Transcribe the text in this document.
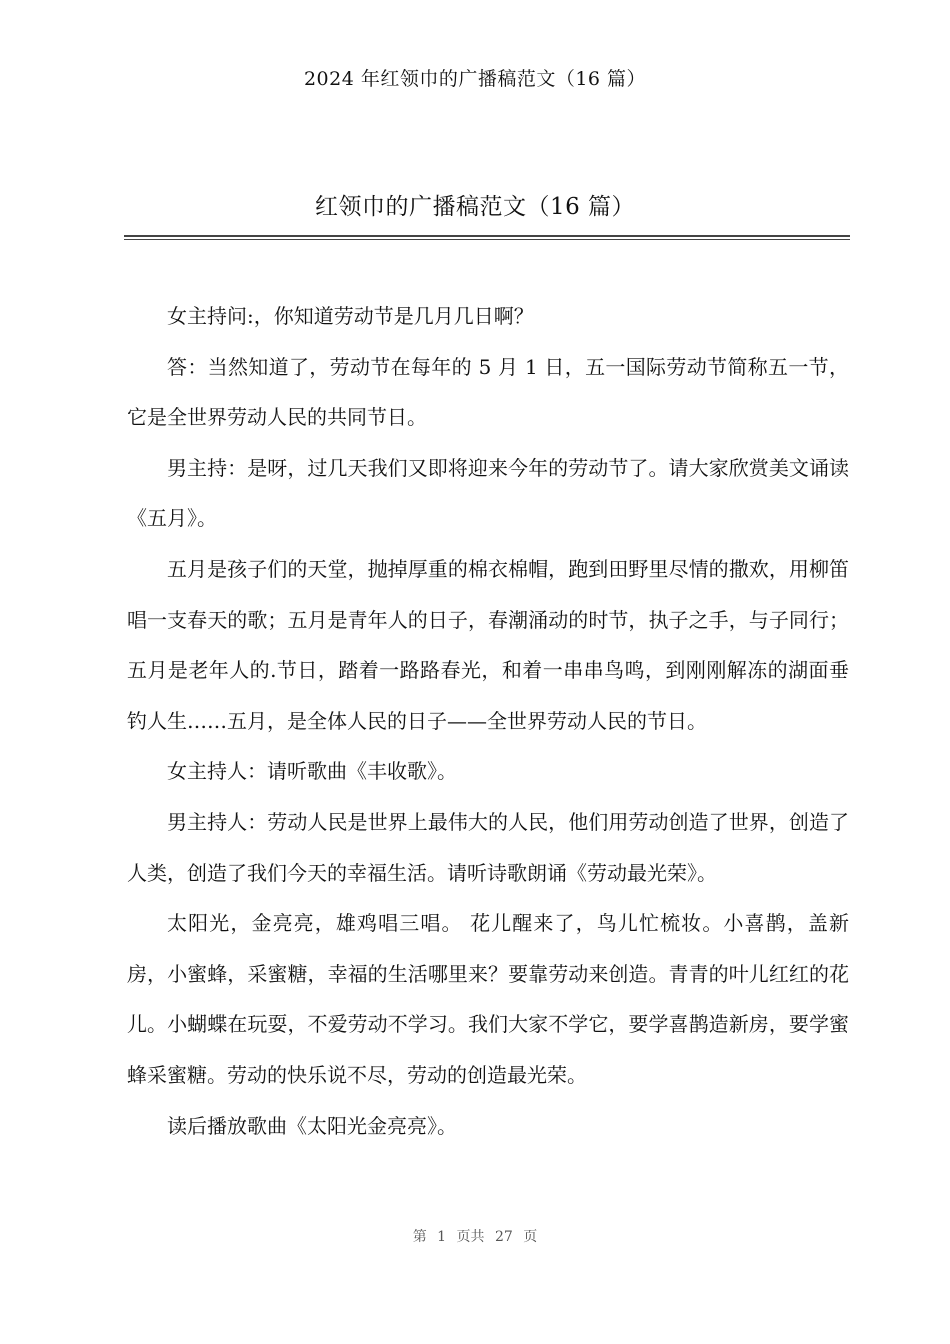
2024 年红领巾的广播稿范文（16 篇）
红领巾的广播稿范文（16 篇）

女主持问:，你知道劳动节是几月几日啊？

答：当然知道了，劳动节在每年的 5 月 1 日，五一国际劳动节简称五一节，它是全世界劳动人民的共同节日。

男主持：是呀，过几天我们又即将迎来今年的劳动节了。请大家欣赏美文诵读《五月》。

五月是孩子们的天堂，抛掉厚重的棉衣棉帽，跑到田野里尽情的撒欢，用柳笛唱一支春天的歌；五月是青年人的日子，春潮涌动的时节，执子之手，与子同行；五月是老年人的.节日，踏着一路路春光，和着一串串鸟鸣，到刚刚解冻的湖面垂钓人生……五月，是全体人民的日子——全世界劳动人民的节日。

女主持人：请听歌曲《丰收歌》。

男主持人：劳动人民是世界上最伟大的人民，他们用劳动创造了世界，创造了人类，创造了我们今天的幸福生活。请听诗歌朗诵《劳动最光荣》。

太阳光，金亮亮，雄鸡唱三唱。 花儿醒来了，鸟儿忙梳妆。小喜鹊，盖新房，小蜜蜂，采蜜糖，幸福的生活哪里来？要靠劳动来创造。青青的叶儿红红的花儿。小蝴蝶在玩耍，不爱劳动不学习。我们大家不学它，要学喜鹊造新房，要学蜜蜂采蜜糖。劳动的快乐说不尽，劳动的创造最光荣。

读后播放歌曲《太阳光金亮亮》。

第 1 页共 27 页
